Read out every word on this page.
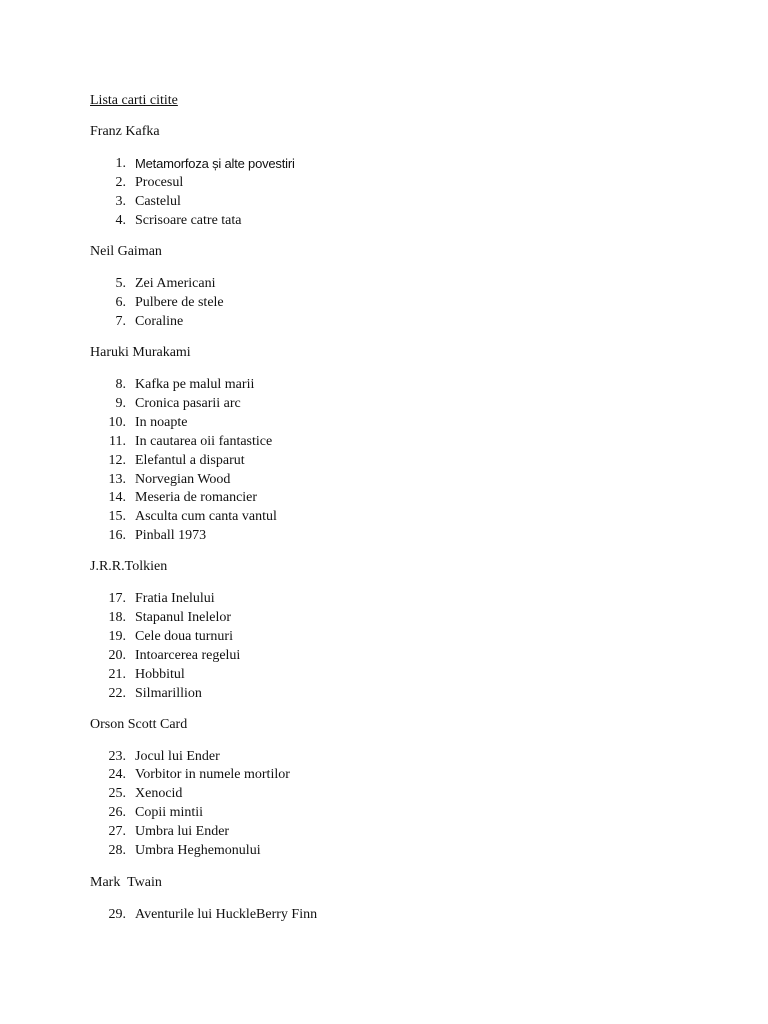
Lista carti citite
Franz Kafka
1. Metamorfoza și alte povestiri
2. Procesul
3. Castelul
4. Scrisoare catre tata
Neil Gaiman
5. Zei Americani
6. Pulbere de stele
7. Coraline
Haruki Murakami
8. Kafka pe malul marii
9. Cronica pasarii arc
10. In noapte
11. In cautarea oii fantastice
12. Elefantul a disparut
13. Norvegian Wood
14. Meseria de romancier
15. Asculta cum canta vantul
16. Pinball 1973
J.R.R.Tolkien
17. Fratia Inelului
18. Stapanul Inelelor
19. Cele doua turnuri
20. Intoarcerea regelui
21. Hobbitul
22. Silmarillion
Orson Scott Card
23. Jocul lui Ender
24. Vorbitor in numele mortilor
25. Xenocid
26. Copii mintii
27. Umbra lui Ender
28. Umbra Heghemonului
Mark  Twain
29. Aventurile lui HuckleBerry Finn
